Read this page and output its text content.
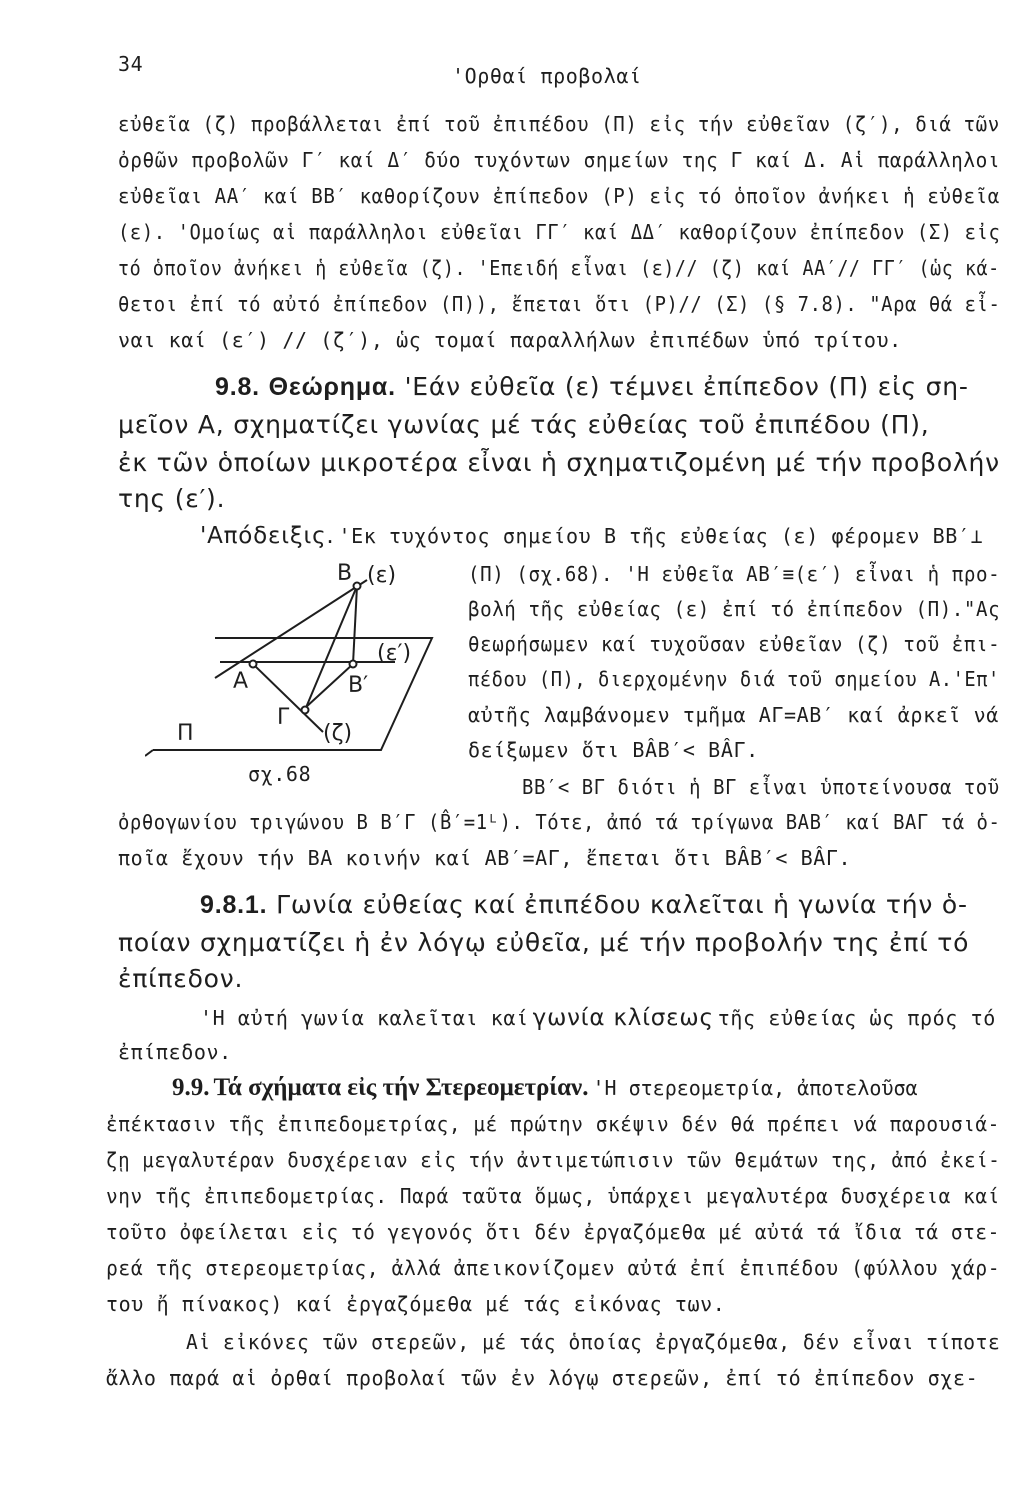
34	'Ορθαί προβολαί
εὐθεῖα (ζ) προβάλλεται ἐπί τοῦ ἐπιπέδου (Π) εἰς τήν εὐθεῖαν (ζ′), διά τῶν
ὀρθῶν προβολῶν Γ′ καί Δ′ δύο τυχόντων σημείων της Γ καί Δ. Αἱ παράλληλοι
εὐθεῖαι ΑΑ′ καί ΒΒ′ καθορίζουν ἐπίπεδον (Ρ) εἰς τό ὁποῖον ἀνήκει ἡ εὐθεῖα
(ε). 'Ομοίως αἱ παράλληλοι εὐθεῖαι ΓΓ′ καί ΔΔ′ καθορίζουν ἐπίπεδον (Σ) εἰς
τό ὁποῖον ἀνήκει ἡ εὐθεῖα (ζ). 'Επειδή εἶναι (ε)// (ζ) καί ΑΑ′// ΓΓ′ (ὡς κά-
θετοι ἐπί τό αὐτό ἐπίπεδον (Π)), ἔπεται ὅτι (Ρ)// (Σ) (§ 7.8). "Αρα θά εἶ-
ναι καί (ε′) // (ζ′), ὡς τομαί παραλλήλων ἐπιπέδων ὑπό τρίτου.
9.8. Θεώρημα. 'Εάν εὐθεῖα (ε) τέμνει ἐπίπεδον (Π) εἰς ση-
μεῖον Α, σχηματίζει γωνίας μέ τάς εὐθείας τοῦ ἐπιπέδου (Π),
ἐκ τῶν ὁποίων μικροτέρα εἶναι ἡ σχηματιζομένη μέ τήν προβολήν
της (ε′).
'Απόδειξις. 'Εκ τυχόντος σημείου Β τῆς εὐθείας (ε) φέρομεν ΒΒ′⊥
(Π) (σχ.68). 'Η εὐθεῖα ΑΒ′≡(ε′) εἶναι ἡ προ-
βολή τῆς εὐθείας (ε) ἐπί τό ἐπίπεδον (Π)."Ας
θεωρήσωμεν καί τυχοῦσαν εὐθεῖαν (ζ) τοῦ ἐπι-
πέδου (Π), διερχομένην διά τοῦ σημείου Α.'Επ'
αὐτῆς λαμβάνομεν τμῆμα ΑΓ=ΑΒ′ καί ἀρκεῖ νά
δείξωμεν ὅτι ΒÂΒ′< ΒÂΓ.
ΒΒ′< ΒΓ διότι ἡ ΒΓ εἶναι ὑποτείνουσα τοῦ
ὀρθογωνίου τριγώνου Β Β′Γ (B̂′=1ᴸ). Τότε, ἀπό τά τρίγωνα ΒΑΒ′ καί ΒΑΓ τά ὁ-
ποῖα ἔχουν τήν ΒΑ κοινήν καί ΑΒ′=ΑΓ, ἔπεται ὅτι ΒÂΒ′< ΒÂΓ.
Β (ε)
(ε′)
Α	Β′
Γ
(ζ)
Π
σχ.68
9.8.1. Γωνία εὐθείας καί ἐπιπέδου καλεῖται ἡ γωνία τήν ὁ-
ποίαν σχηματίζει ἡ ἐν λόγῳ εὐθεῖα, μέ τήν προβολήν της ἐπί τό
ἐπίπεδον.
'Η αὐτή γωνία καλεῖται καί γωνία κλίσεως τῆς εὐθείας ὡς πρός τό
ἐπίπεδον.
9.9. Τά σχήματα εἰς τήν Στερεομετρίαν. 'Η στερεομετρία, ἀποτελοῦσα
ἐπέκτασιν τῆς ἐπιπεδομετρίας, μέ πρώτην σκέψιν δέν θά πρέπει νά παρουσιά-
ζῃ μεγαλυτέραν δυσχέρειαν εἰς τήν ἀντιμετώπισιν τῶν θεμάτων της, ἀπό ἐκεί-
νην τῆς ἐπιπεδομετρίας. Παρά ταῦτα ὅμως, ὑπάρχει μεγαλυτέρα δυσχέρεια καί
τοῦτο ὀφείλεται εἰς τό γεγονός ὅτι δέν ἐργαζόμεθα μέ αὐτά τά ἴδια τά στε-
ρεά τῆς στερεομετρίας, ἀλλά ἀπεικονίζομεν αὐτά ἐπί ἐπιπέδου (φύλλου χάρ-
του ἤ πίνακος) καί ἐργαζόμεθα μέ τάς εἰκόνας των.
Αἱ εἰκόνες τῶν στερεῶν, μέ τάς ὁποίας ἐργαζόμεθα, δέν εἶναι τίποτε
ἄλλο παρά αἱ ὀρθαί προβολαί τῶν ἐν λόγῳ στερεῶν, ἐπί τό ἐπίπεδον σχε-
